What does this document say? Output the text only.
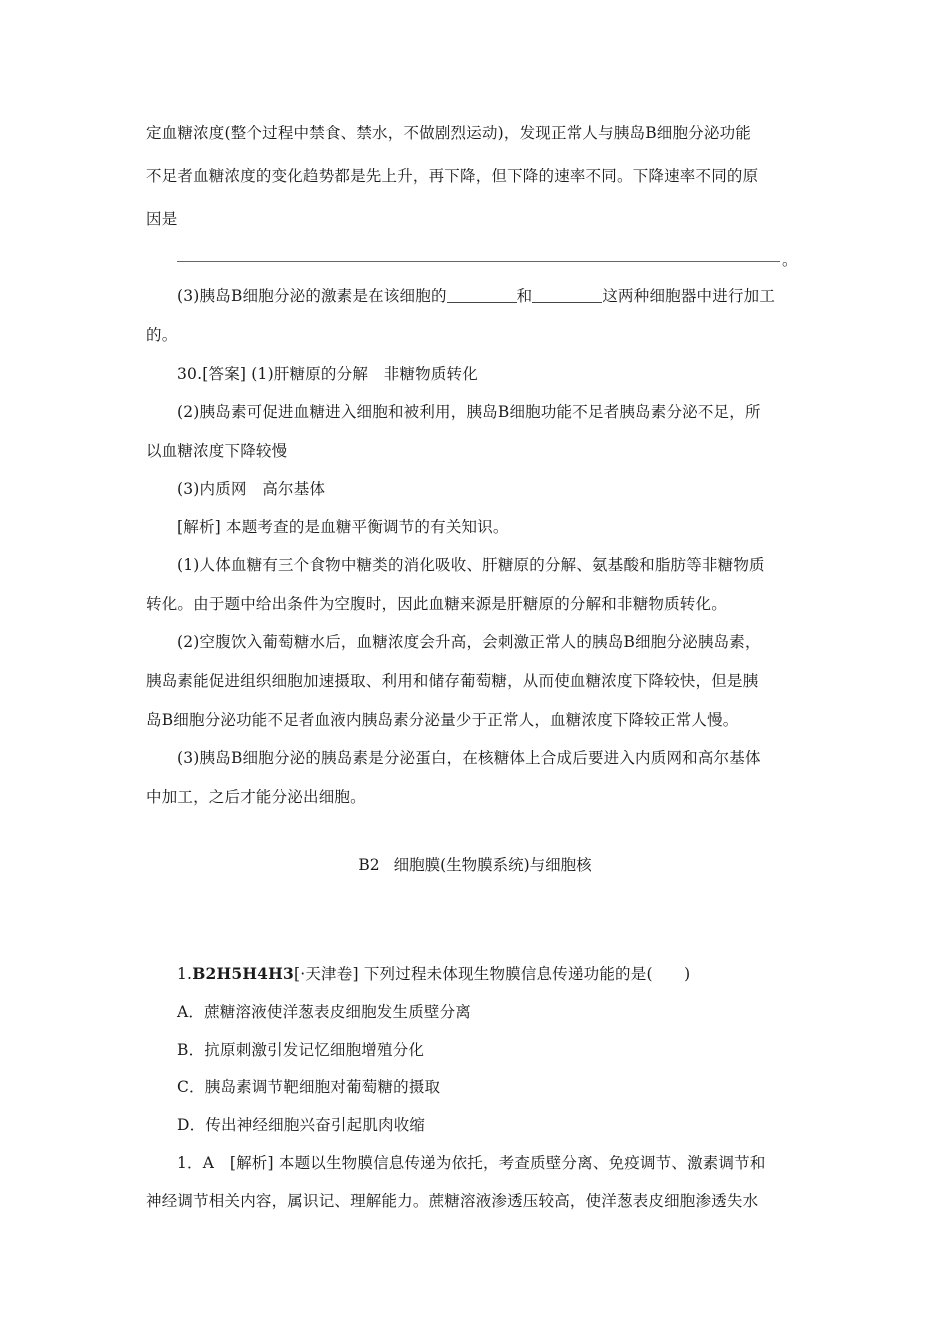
定血糖浓度(整个过程中禁食、禁水，不做剧烈运动)，发现正常人与胰岛B细胞分泌功能
不足者血糖浓度的变化趋势都是先上升，再下降，但下降的速率不同。下降速率不同的原
因是
。
(3)胰岛B细胞分泌的激素是在该细胞的	和	这两种细胞器中进行加工
的。
30.[答案] (1)肝糖原的分解　非糖物质转化
(2)胰岛素可促进血糖进入细胞和被利用，胰岛B细胞功能不足者胰岛素分泌不足，所
以血糖浓度下降较慢
(3)内质网　高尔基体
[解析] 本题考查的是血糖平衡调节的有关知识。
(1)人体血糖有三个食物中糖类的消化吸收、肝糖原的分解、氨基酸和脂肪等非糖物质
转化。由于题中给出条件为空腹时，因此血糖来源是肝糖原的分解和非糖物质转化。
(2)空腹饮入葡萄糖水后，血糖浓度会升高，会刺激正常人的胰岛B细胞分泌胰岛素，
胰岛素能促进组织细胞加速摄取、利用和储存葡萄糖，从而使血糖浓度下降较快，但是胰
岛B细胞分泌功能不足者血液内胰岛素分泌量少于正常人，血糖浓度下降较正常人慢。
(3)胰岛B细胞分泌的胰岛素是分泌蛋白，在核糖体上合成后要进入内质网和高尔基体
中加工，之后才能分泌出细胞。
B2 细胞膜(生物膜系统)与细胞核
1.B2H5H4H3[·天津卷] 下列过程未体现生物膜信息传递功能的是(　　)
A．蔗糖溶液使洋葱表皮细胞发生质壁分离
B．抗原刺激引发记忆细胞增殖分化
C．胰岛素调节靶细胞对葡萄糖的摄取
D．传出神经细胞兴奋引起肌肉收缩
1．A　[解析] 本题以生物膜信息传递为依托，考查质壁分离、免疫调节、激素调节和
神经调节相关内容，属识记、理解能力。蔗糖溶液渗透压较高，使洋葱表皮细胞渗透失水
